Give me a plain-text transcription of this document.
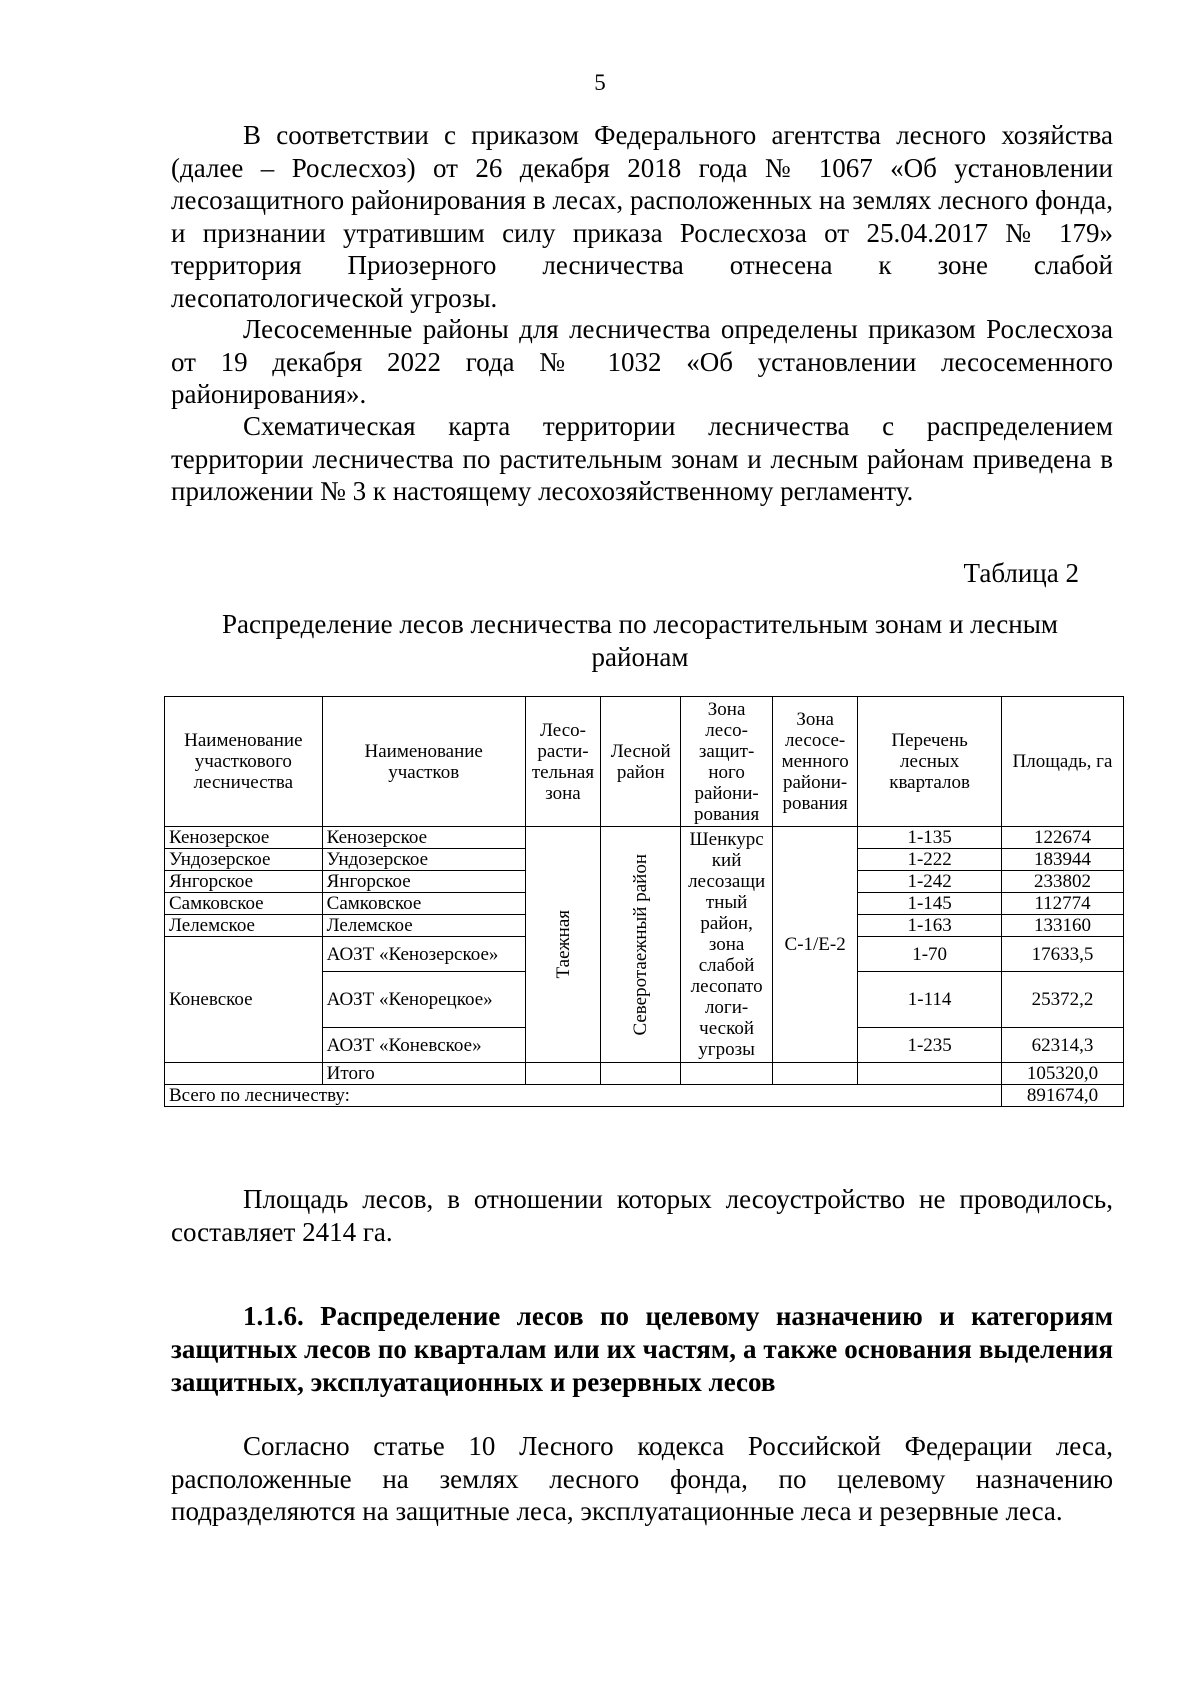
5

В соответствии с приказом Федерального агентства лесного хозяйства (далее – Рослесхоз) от 26 декабря 2018 года № 1067 «Об установлении лесозащитного районирования в лесах, расположенных на землях лесного фонда, и признании утратившим силу приказа Рослесхоза от 25.04.2017 № 179» территория Приозерного лесничества отнесена к зоне слабой лесопатологической угрозы.

Лесосеменные районы для лесничества определены приказом Рослесхоза от 19 декабря 2022 года № 1032 «Об установлении лесосеменного районирования».

Схематическая карта территории лесничества с распределением территории лесничества по растительным зонам и лесным районам приведена в приложении № 3 к настоящему лесохозяйственному регламенту.

Таблица 2
Распределение лесов лесничества по лесорастительным зонам и лесным районам
Наименование участкового лесничества	Наименование участков	Лесо-расти-тельная зона	Лесной район	Зона лесо-защит-ного райони-рования	Зона лесосе-менного райони-рования	Перечень лесных кварталов	Площадь, га
Кенозерское	Кенозерское	Таежная	Северотаежный район	Шенкурс кий лесозащи тный район, зона слабой лесопато логи-ческой угрозы	С-1/Е-2	1-135	122674
Ундозерское	Ундозерское					1-222	183944
Янгорское	Янгорское					1-242	233802
Самковское	Самковское					1-145	112774
Лелемское	Лелемское					1-163	133160
Коневское	АОЗТ «Кенозерское»					1-70	17633,5
	АОЗТ «Кенорецкое»					1-114	25372,2
	АОЗТ «Коневское»					1-235	62314,3
	Итого						105320,0
Всего по лесничеству:							891674,0

Площадь лесов, в отношении которых лесоустройство не проводилось, составляет 2414 га.

1.1.6. Распределение лесов по целевому назначению и категориям защитных лесов по кварталам или их частям, а также основания выделения защитных, эксплуатационных и резервных лесов

Согласно статье 10 Лесного кодекса Российской Федерации леса, расположенные на землях лесного фонда, по целевому назначению подразделяются на защитные леса, эксплуатационные леса и резервные леса.
